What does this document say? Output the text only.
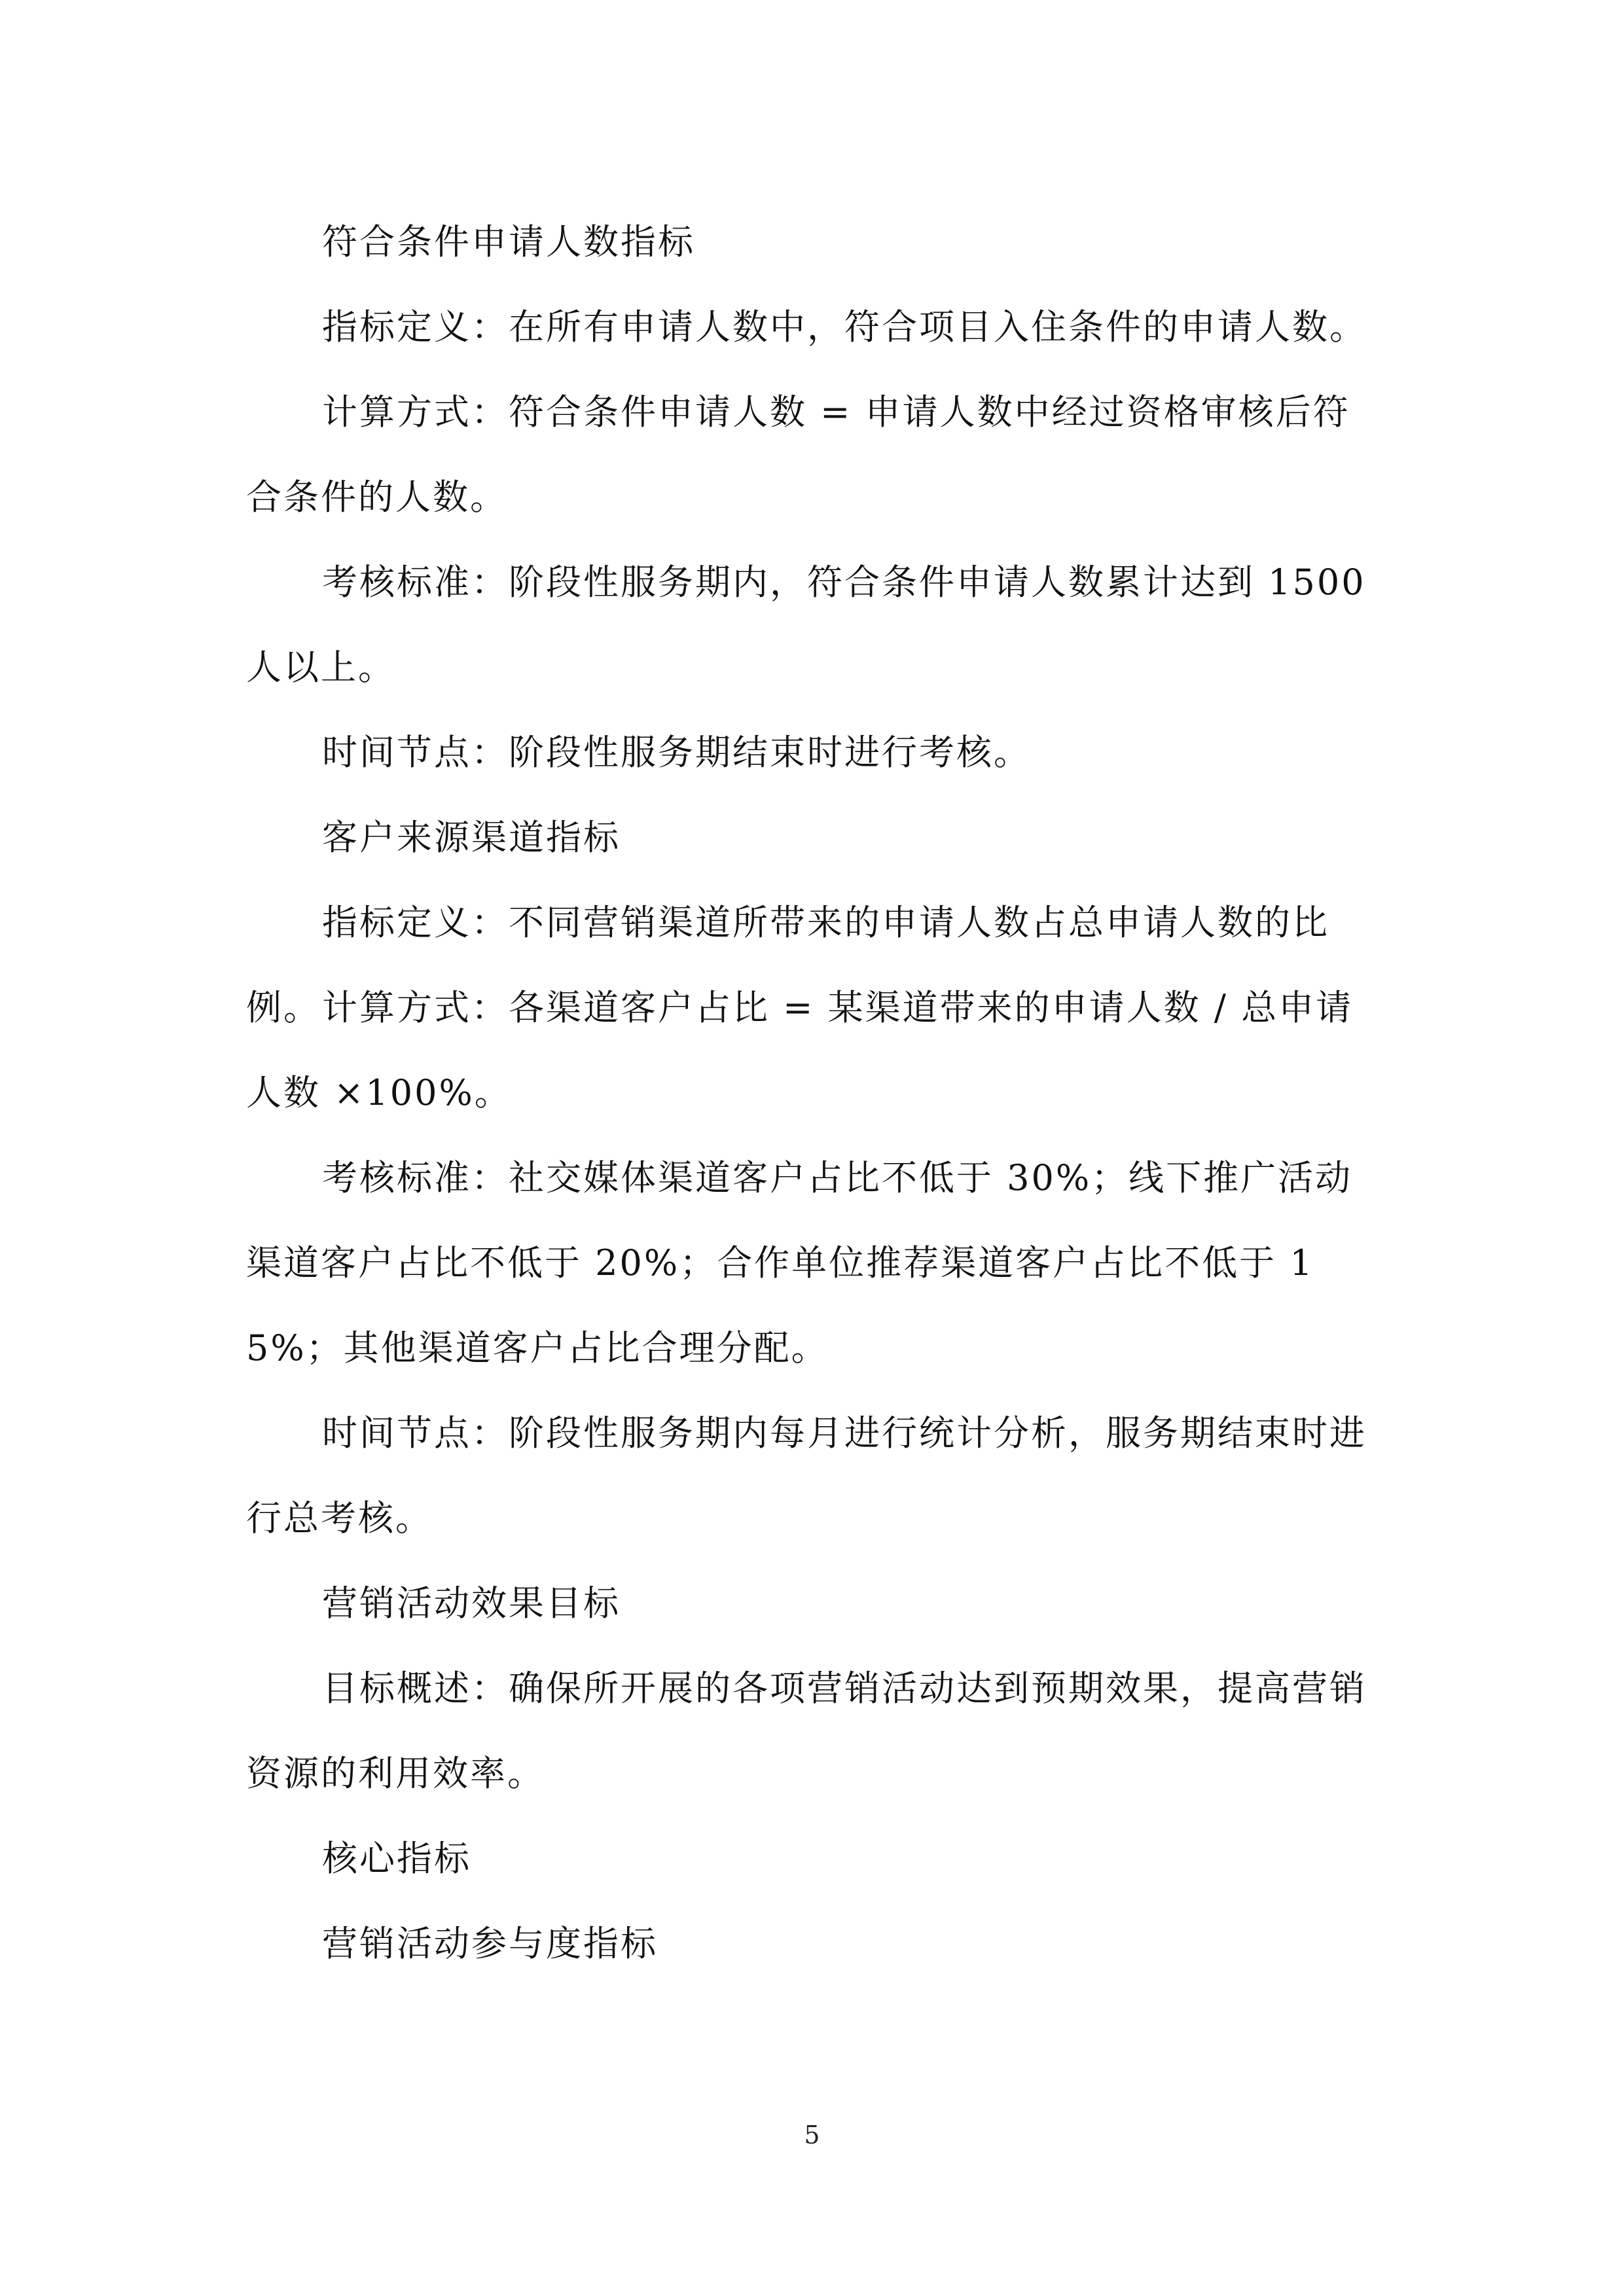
符合条件申请人数指标

指标定义：在所有申请人数中，符合项目入住条件的申请人数。

计算方式：符合条件申请人数 = 申请人数中经过资格审核后符合条件的人数。

考核标准：阶段性服务期内，符合条件申请人数累计达到 1500 人以上。

时间节点：阶段性服务期结束时进行考核。

客户来源渠道指标

指标定义：不同营销渠道所带来的申请人数占总申请人数的比例。 计算方式：各渠道客户占比 = 某渠道带来的申请人数 / 总申请人数 ×100%。

考核标准：社交媒体渠道客户占比不低于 30%；线下推广活动渠道客户占比不低于 20%；合作单位推荐渠道客户占比不低于 15%；其他渠道客户占比合理分配。

时间节点：阶段性服务期内每月进行统计分析，服务期结束时进行总考核。

营销活动效果目标

目标概述：确保所开展的各项营销活动达到预期效果，提高营销资源的利用效率。

核心指标

营销活动参与度指标

5
